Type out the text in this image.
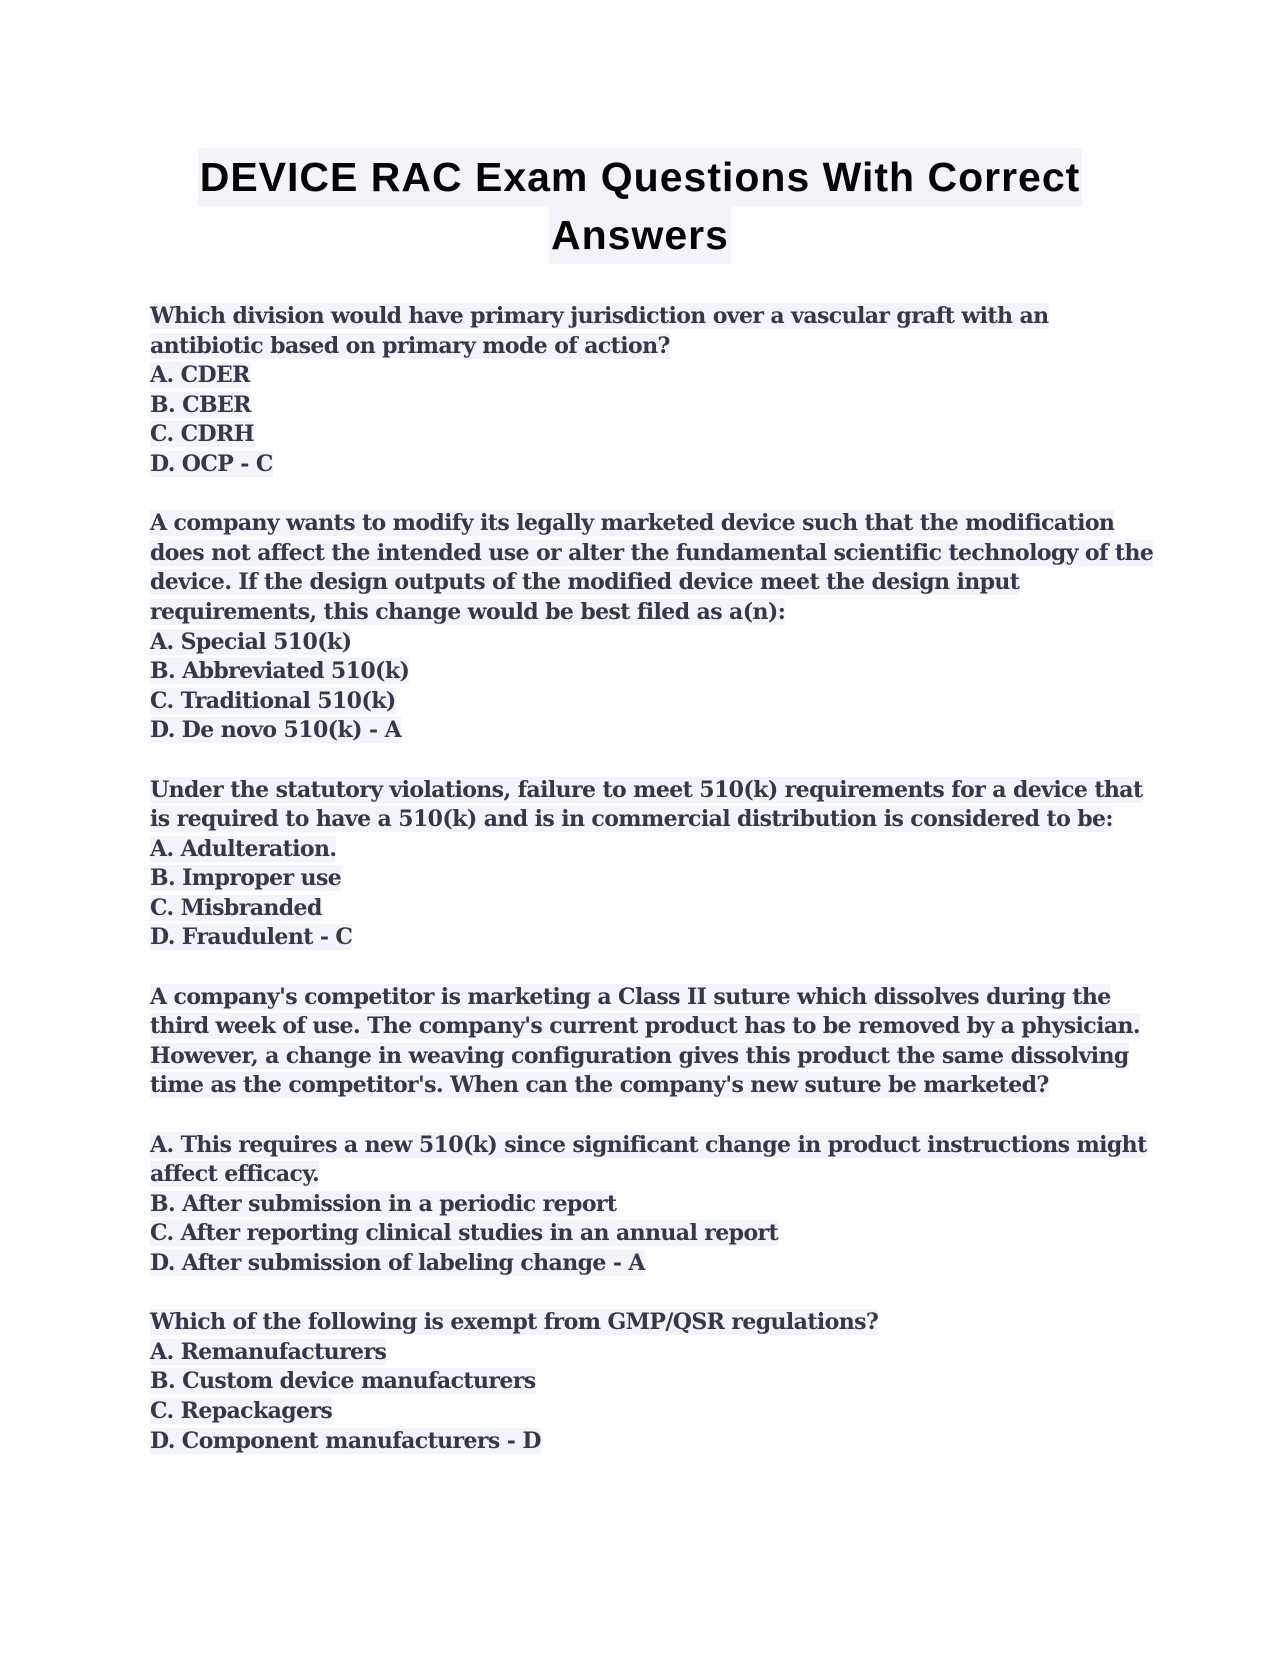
DEVICE RAC Exam Questions With Correct
Answers
Which division would have primary jurisdiction over a vascular graft with an
antibiotic based on primary mode of action?
A. CDER
B. CBER
C. CDRH
D. OCP - C
A company wants to modify its legally marketed device such that the modification
does not affect the intended use or alter the fundamental scientific technology of the
device. If the design outputs of the modified device meet the design input
requirements, this change would be best filed as a(n):
A. Special 510(k)
B. Abbreviated 510(k)
C. Traditional 510(k)
D. De novo 510(k) - A
Under the statutory violations, failure to meet 510(k) requirements for a device that
is required to have a 510(k) and is in commercial distribution is considered to be:
A. Adulteration.
B. Improper use
C. Misbranded
D. Fraudulent - C
A company's competitor is marketing a Class II suture which dissolves during the
third week of use. The company's current product has to be removed by a physician.
However, a change in weaving configuration gives this product the same dissolving
time as the competitor's. When can the company's new suture be marketed?
A. This requires a new 510(k) since significant change in product instructions might
affect efficacy.
B. After submission in a periodic report
C. After reporting clinical studies in an annual report
D. After submission of labeling change - A
Which of the following is exempt from GMP/QSR regulations?
A. Remanufacturers
B. Custom device manufacturers
C. Repackagers
D. Component manufacturers - D
